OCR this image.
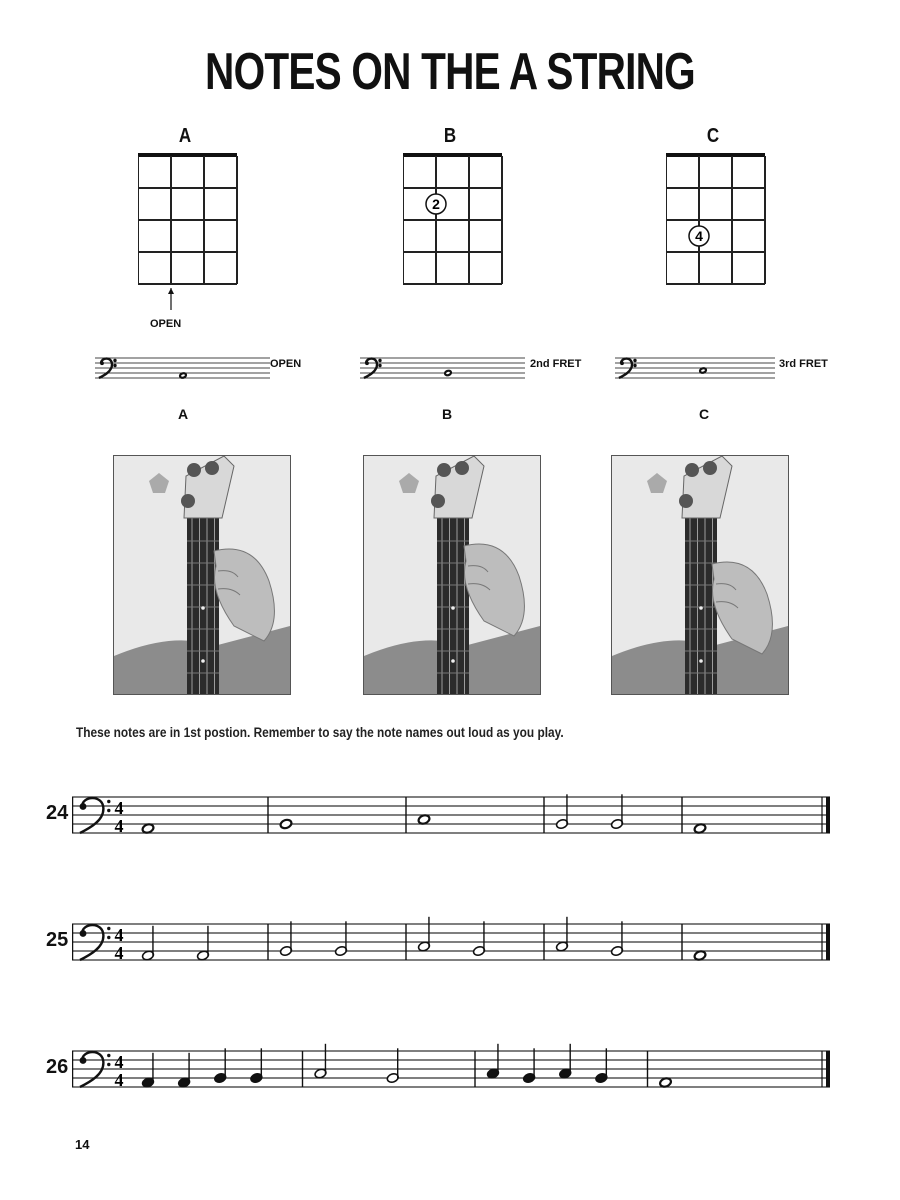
NOTES ON THE A STRING
A
OPEN
B
2
C
4
OPEN
A
2nd FRET
B
3rd FRET
C
These notes are in 1st postion. Remember to say the note names out loud as you play.
24	4
4
25	4
4
26	4
4
14
